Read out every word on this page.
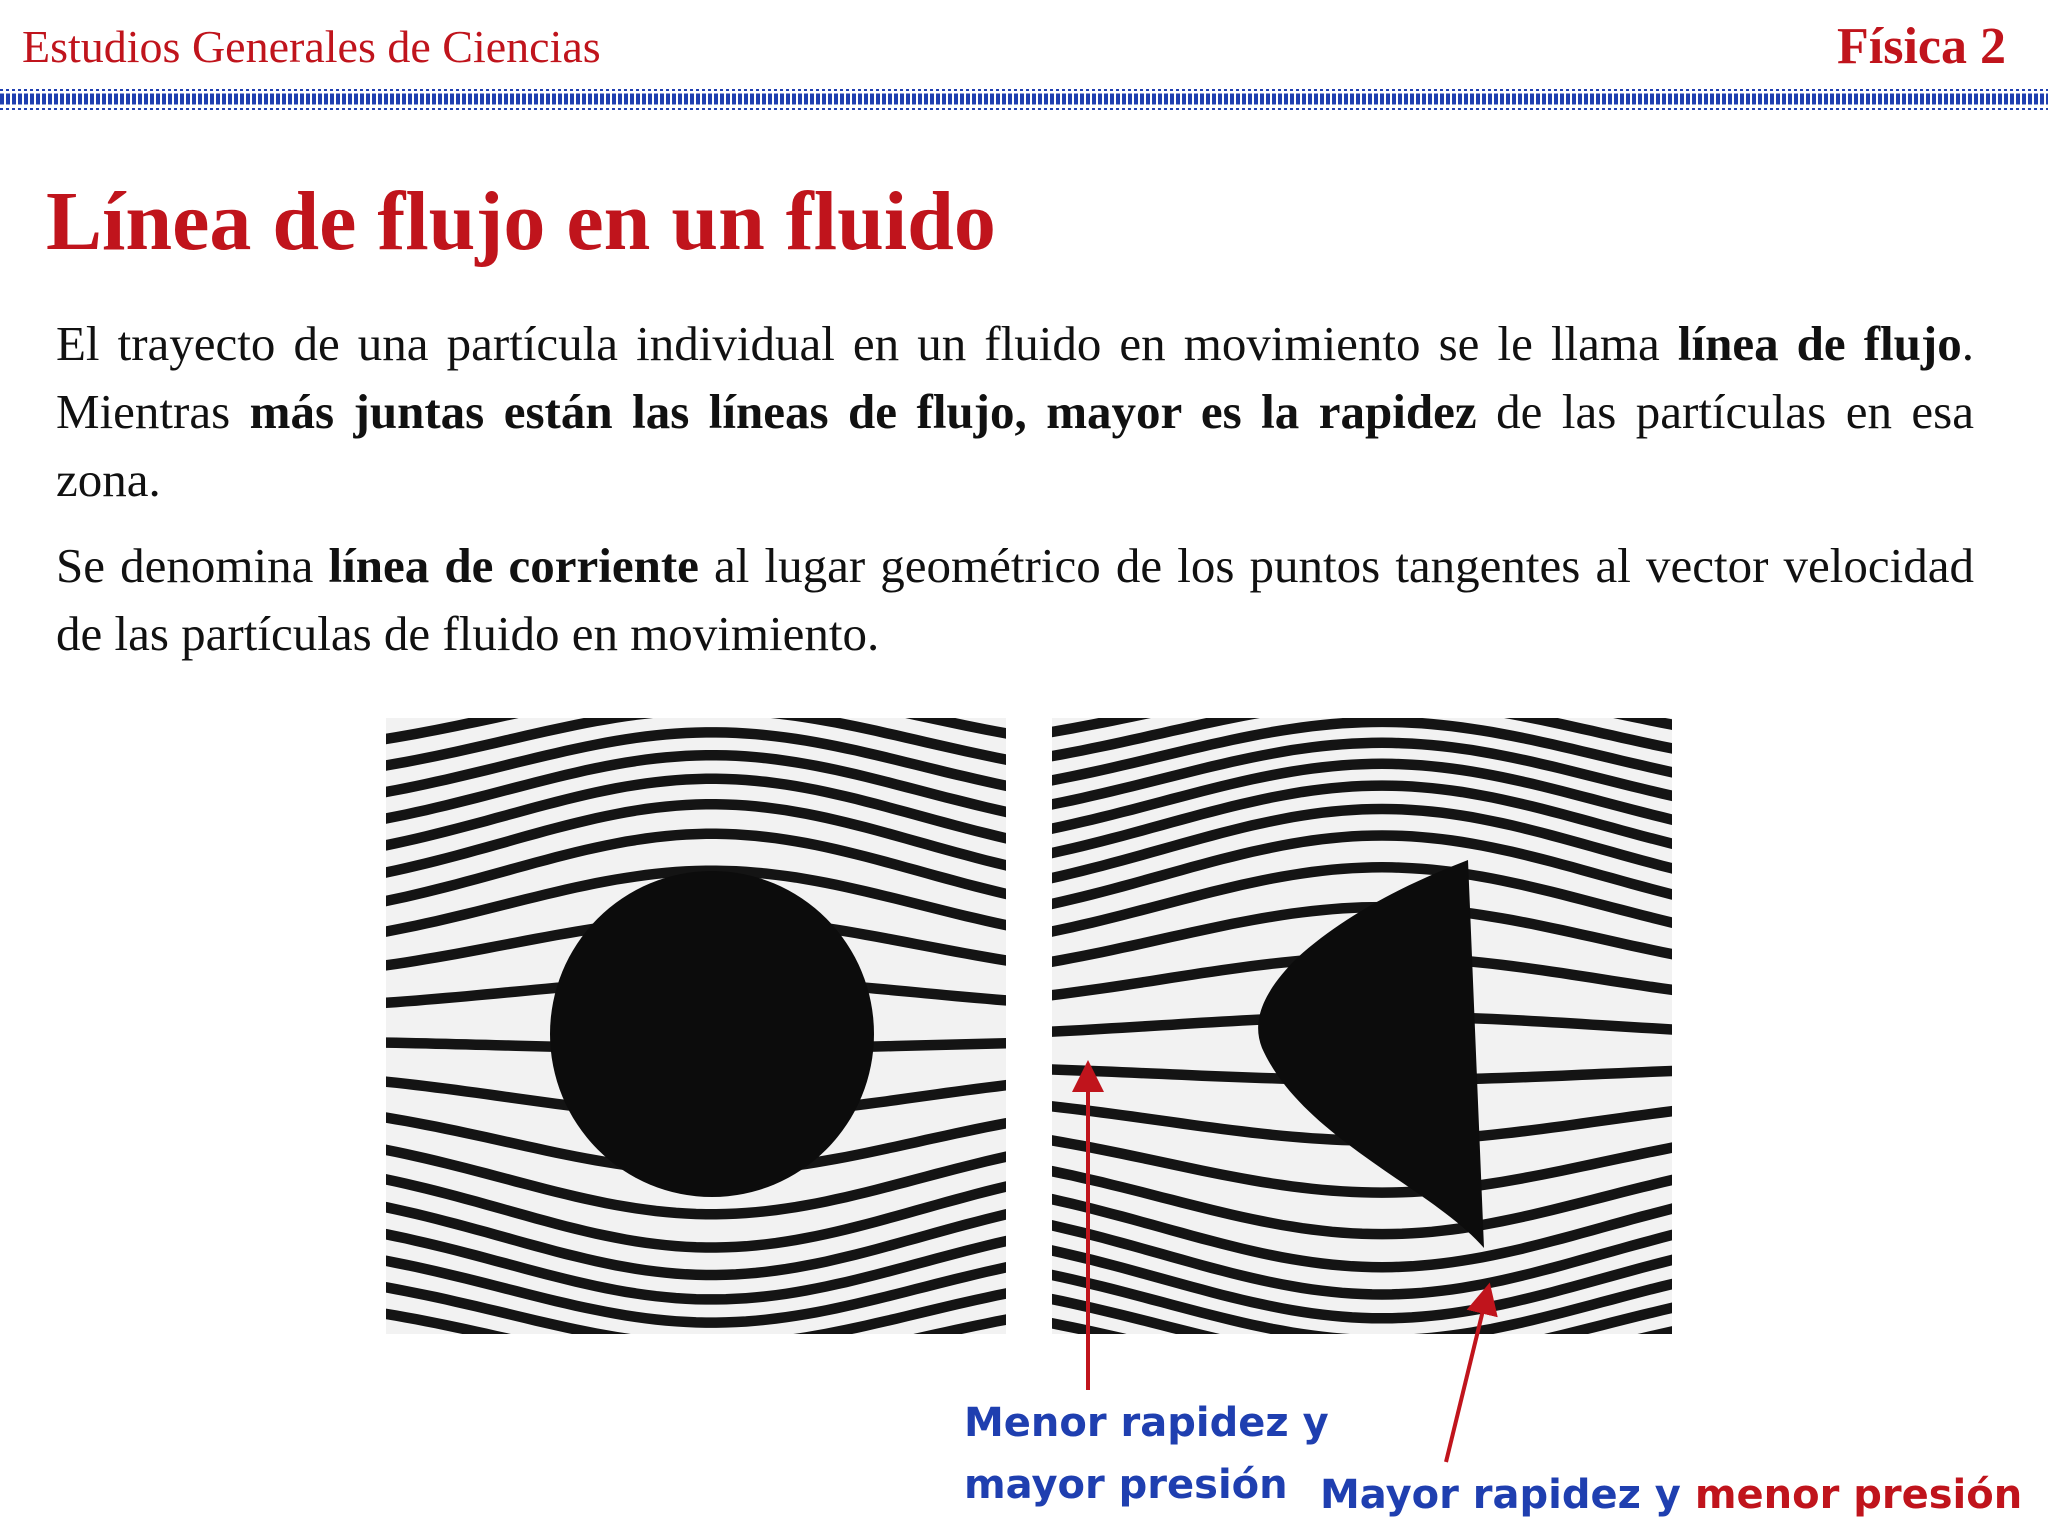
Estudios Generales de Ciencias	Física 2
Línea de flujo en un fluido

El trayecto de una partícula individual en un fluido en movimiento se le llama línea de flujo. Mientras más juntas están las líneas de flujo, mayor es la rapidez de las partículas en esa zona.

Se denomina línea de corriente al lugar geométrico de los puntos tangentes al vector velocidad de las partículas de fluido en movimiento.

Menor rapidez y
mayor presión Mayor rapidez y menor presión
